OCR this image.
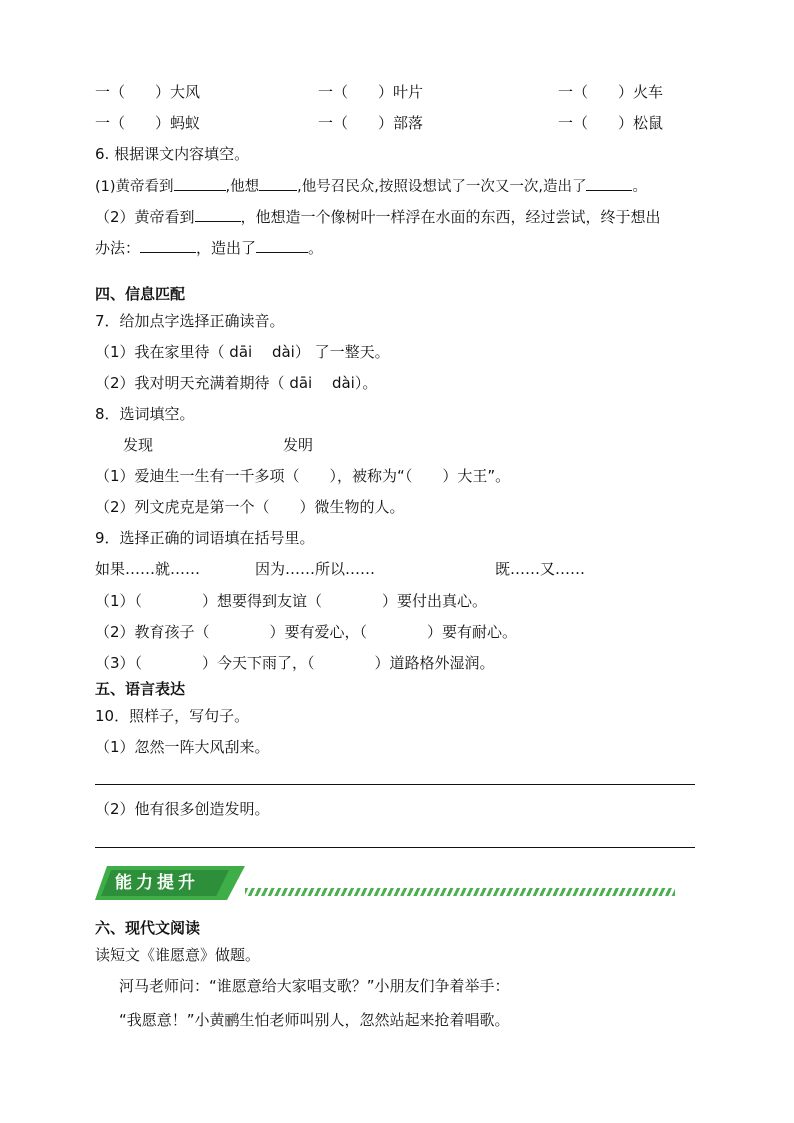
一（　　）大风	一（　　）叶片	一（　　）火车
一（　　）蚂蚁	一（　　）部落	一（　　）松鼠
6. 根据课文内容填空。
(1)黄帝看到	,他想	,他号召民众,按照设想试了一次又一次,造出了	。
（2）黄帝看到	，他想造一个像树叶一样浮在水面的东西，经过尝试，终于想出
办法：	，造出了	。
四、信息匹配
7．给加点字选择正确读音。
（1）我在家里待（ dāi　 dài） 了一整天。
（2）我对明天充满着期待（ dāi　 dài）。
8．选词填空。
发现	发明
（1）爱迪生一生有一千多项（　　），被称为“（　　）大王”。
（2）列文虎克是第一个（　　）微生物的人。
9．选择正确的词语填在括号里。
如果……就……	因为……所以……	既……又……
（1）（　　　　）想要得到友谊（　　　　）要付出真心。
（2）教育孩子（　　　　）要有爱心，（　　　　）要有耐心。
（3）（　　　　）今天下雨了，（　　　　）道路格外湿润。
五、语言表达
10．照样子，写句子。
（1）忽然一阵大风刮来。
（2）他有很多创造发明。
能力提升
六、现代文阅读
读短文《谁愿意》做题。
河马老师问：“谁愿意给大家唱支歌？”小朋友们争着举手：
“我愿意！”小黄鹂生怕老师叫别人，忽然站起来抢着唱歌。
